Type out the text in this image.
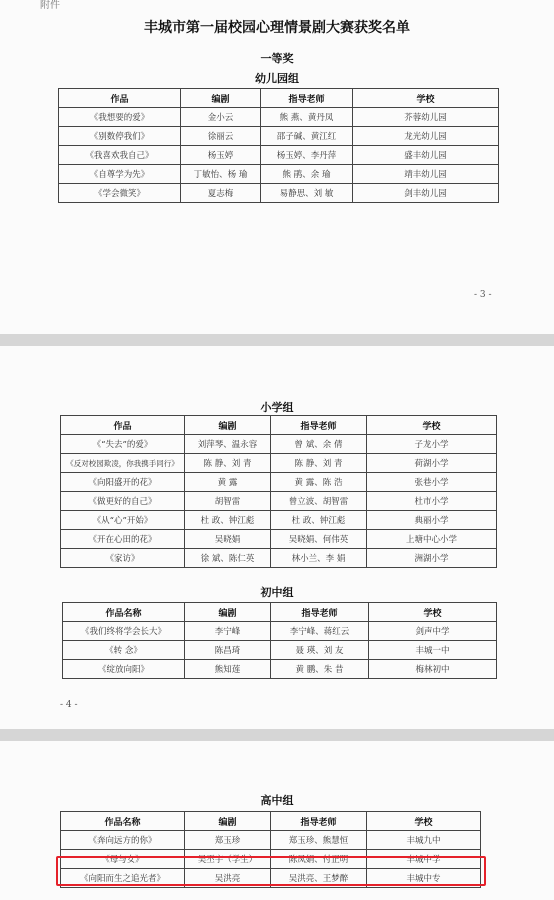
附件
丰城市第一届校园心理情景剧大赛获奖名单
一等奖
幼儿园组
作品	编剧	指导老师	学校
《我想要的爱》	金小云	熊 燕、黄丹凤	芥蓉幼儿园
《别数停我们》	徐丽云	邵子碱、黄江红	龙光幼儿园
《我喜欢我自己》	杨玉婷	杨玉婷、李丹萍	盛丰幼儿园
《自尊学为先》	丁敏怡、杨 瑜	熊 鹃、余 瑜	靖丰幼儿园
《学会微笑》	夏志梅	易静思、刘 敏	剑丰幼儿园
- 3 -
小学组
作品	编剧	指导老师	学校
《“失去”的爱》	刘萍琴、温永容	曾 斌、余 倩	子龙小学
《反对校园欺凌，你我携手同行》	陈 静、刘 青	陈 静、刘 青	荷湖小学
《向阳盛开的花》	黄 露	黄 露、陈 浩	张巷小学
《做更好的自己》	胡智雷	曾立波、胡智雷	杜市小学
《从“心”开始》	杜 政、钟江彪	杜 政、钟江彪	典丽小学
《开在心田的花》	吴晓娟	吴晓娟、何伟英	上塘中心小学
《家访》	徐 斌、陈仁英	林小兰、李 娟	洲湖小学
初中组
作品名称	编剧	指导老师	学校
《我们终将学会长大》	李宁峰	李宁峰、蒋红云	剑声中学
《转 念》	陈昌琦	聂 瑛、刘 友	丰城一中
《绽放向阳》	熊知莲	黄 鹏、朱 昔	梅林初中
- 4 -
高中组
作品名称	编剧	指导老师	学校
《奔向远方的你》	郑玉珍	郑玉珍、熊慧恒	丰城九中
《母与女》	吴丕宇（学生）	陈凤娟、付正明	丰城中学
《向阳而生之追光者》	吴洪亮	吴洪亮、王梦醉	丰城中专
